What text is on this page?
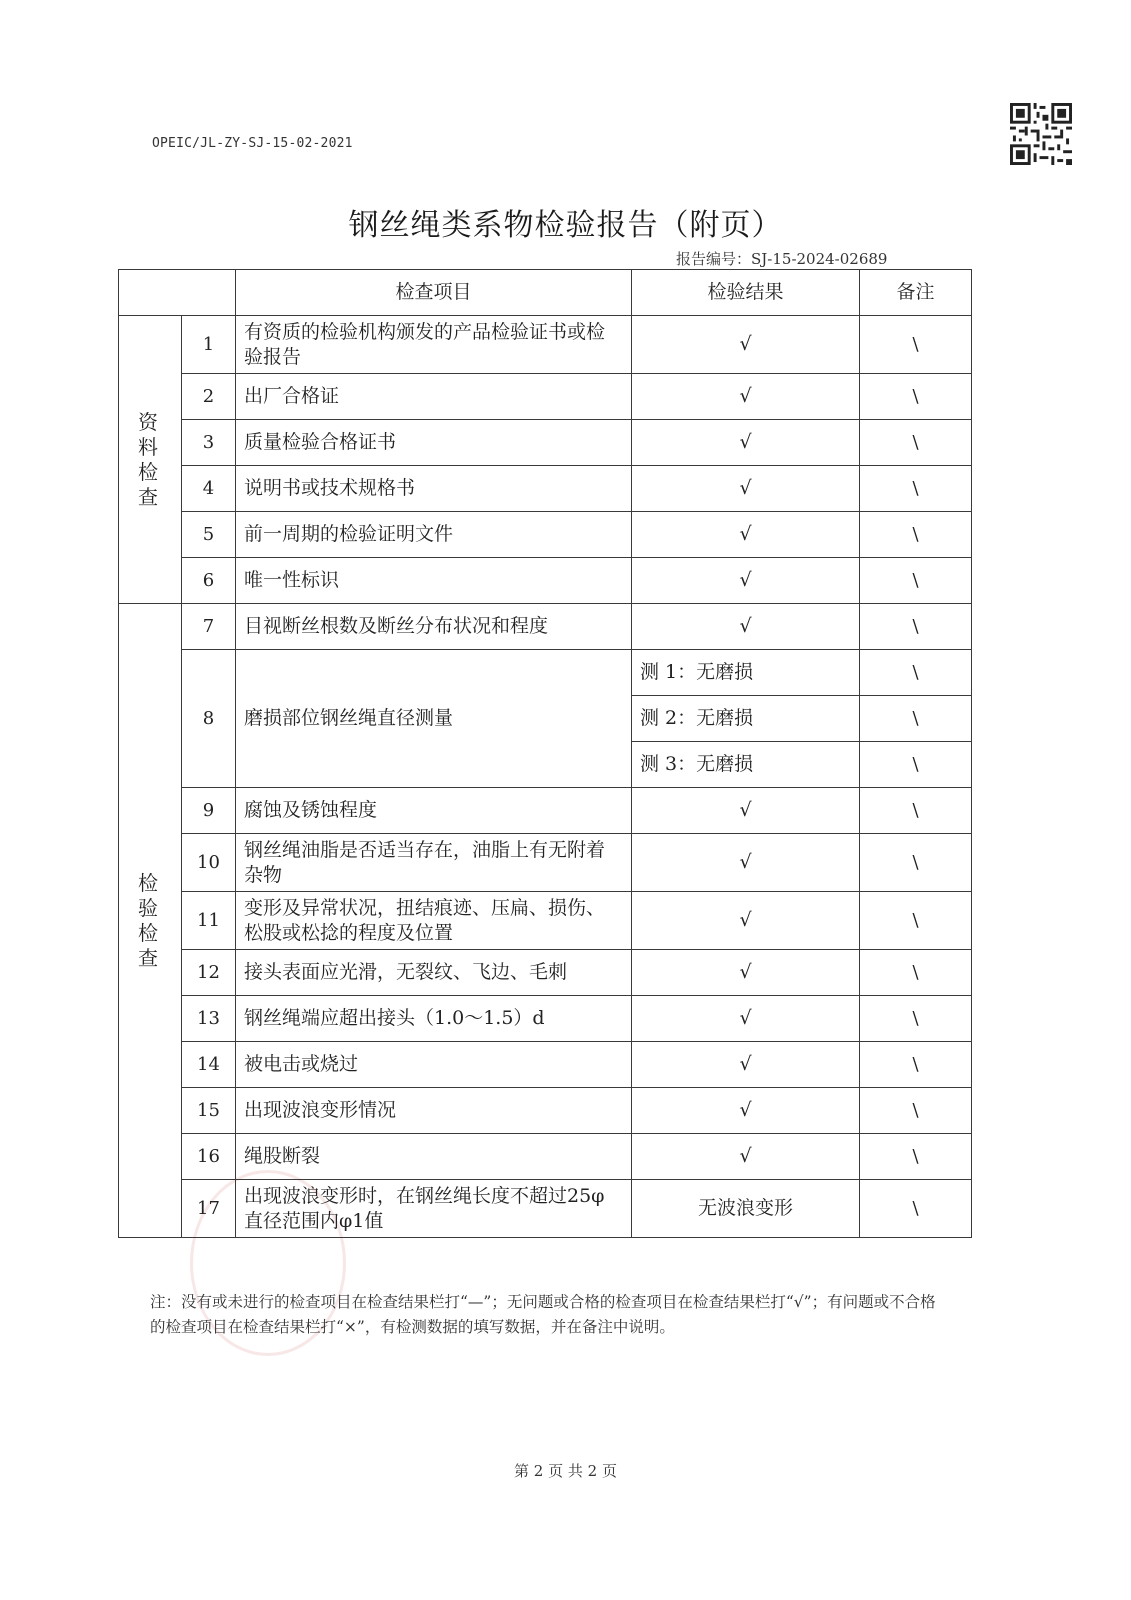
OPEIC/JL-ZY-SJ-15-02-2021
钢丝绳类系物检验报告（附页）
报告编号：SJ-15-2024-02689
		检查项目	检验结果	备注
资料检查	1	有资质的检验机构颁发的产品检验证书或检验报告	√	\
	2	出厂合格证	√	\
	3	质量检验合格证书	√	\
	4	说明书或技术规格书	√	\
	5	前一周期的检验证明文件	√	\
	6	唯一性标识	√	\
检验检查	7	目视断丝根数及断丝分布状况和程度	√	\
	8	磨损部位钢丝绳直径测量	测 1：无磨损	\
			测 2：无磨损	\
			测 3：无磨损	\
	9	腐蚀及锈蚀程度	√	\
	10	钢丝绳油脂是否适当存在，油脂上有无附着杂物	√	\
	11	变形及异常状况，扭结痕迹、压扁、损伤、松股或松捻的程度及位置	√	\
	12	接头表面应光滑，无裂纹、飞边、毛刺	√	\
	13	钢丝绳端应超出接头（1.0～1.5）d	√	\
	14	被电击或烧过	√	\
	15	出现波浪变形情况	√	\
	16	绳股断裂	√	\
	17	出现波浪变形时，在钢丝绳长度不超过25φ直径范围内φ1值	无波浪变形	\
注：没有或未进行的检查项目在检查结果栏打“—”；无问题或合格的检查项目在检查结果栏打“√”；有问题或不合格的检查项目在检查结果栏打“×”，有检测数据的填写数据，并在备注中说明。
第 2 页 共 2 页
